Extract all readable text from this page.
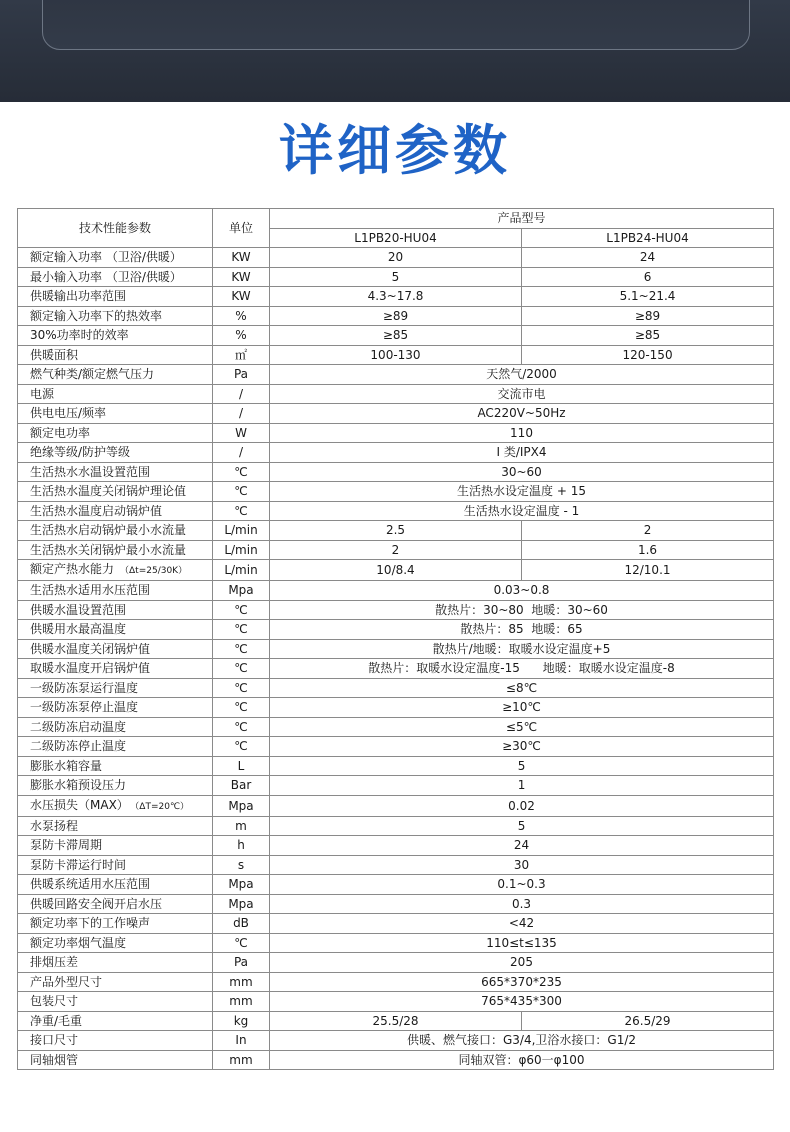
详细参数
技术性能参数	单位	产品型号	
		L1PB20-HU04	L1PB24-HU04
额定输入功率 （卫浴/供暖）	KW	20	24
最小输入功率 （卫浴/供暖）	KW	5	6
供暖输出功率范围	KW	4.3~17.8	5.1~21.4
额定输入功率下的热效率	%	≥89	≥89
30%功率时的效率	%	≥85	≥85
供暖面积	㎡	100-130	120-150
燃气种类/额定燃气压力	Pa	天然气/2000	
电源	/	交流市电	
供电电压/频率	/	AC220V~50Hz	
额定电功率	W	110	
绝缘等级/防护等级	/	I 类/IPX4	
生活热水水温设置范围	℃	30~60	
生活热水温度关闭锅炉理论值	℃	生活热水设定温度 + 15	
生活热水温度启动锅炉值	℃	生活热水设定温度 - 1	
生活热水启动锅炉最小水流量	L/min	2.5	2
生活热水关闭锅炉最小水流量	L/min	2	1.6
额定产热水能力 （Δt=25/30K）	L/min	10/8.4	12/10.1
生活热水适用水压范围	Mpa	0.03~0.8	
供暖水温设置范围	℃	散热片：30~80  地暖：30~60	
供暖用水最高温度	℃	散热片：85  地暖：65	
供暖水温度关闭锅炉值	℃	散热片/地暖：取暖水设定温度+5	
取暖水温度开启锅炉值	℃	散热片：取暖水设定温度-15      地暖：取暖水设定温度-8	
一级防冻泵运行温度	℃	≤8℃	
一级防冻泵停止温度	℃	≥10℃	
二级防冻启动温度	℃	≤5℃	
二级防冻停止温度	℃	≥30℃	
膨胀水箱容量	L	5	
膨胀水箱预设压力	Bar	1	
水压损失（MAX） （ΔT=20℃）	Mpa	0.02	
水泵扬程	m	5	
泵防卡滞周期	h	24	
泵防卡滞运行时间	s	30	
供暖系统适用水压范围	Mpa	0.1~0.3	
供暖回路安全阀开启水压	Mpa	0.3	
额定功率下的工作噪声	dB	<42	
额定功率烟气温度	℃	110≤t≤135	
排烟压差	Pa	205	
产品外型尺寸	mm	665*370*235	
包装尺寸	mm	765*435*300	
净重/毛重	kg	25.5/28	26.5/29
接口尺寸	In	供暖、燃气接口：G3/4,卫浴水接口：G1/2	
同轴烟管	mm	同轴双管：φ60一φ100	
